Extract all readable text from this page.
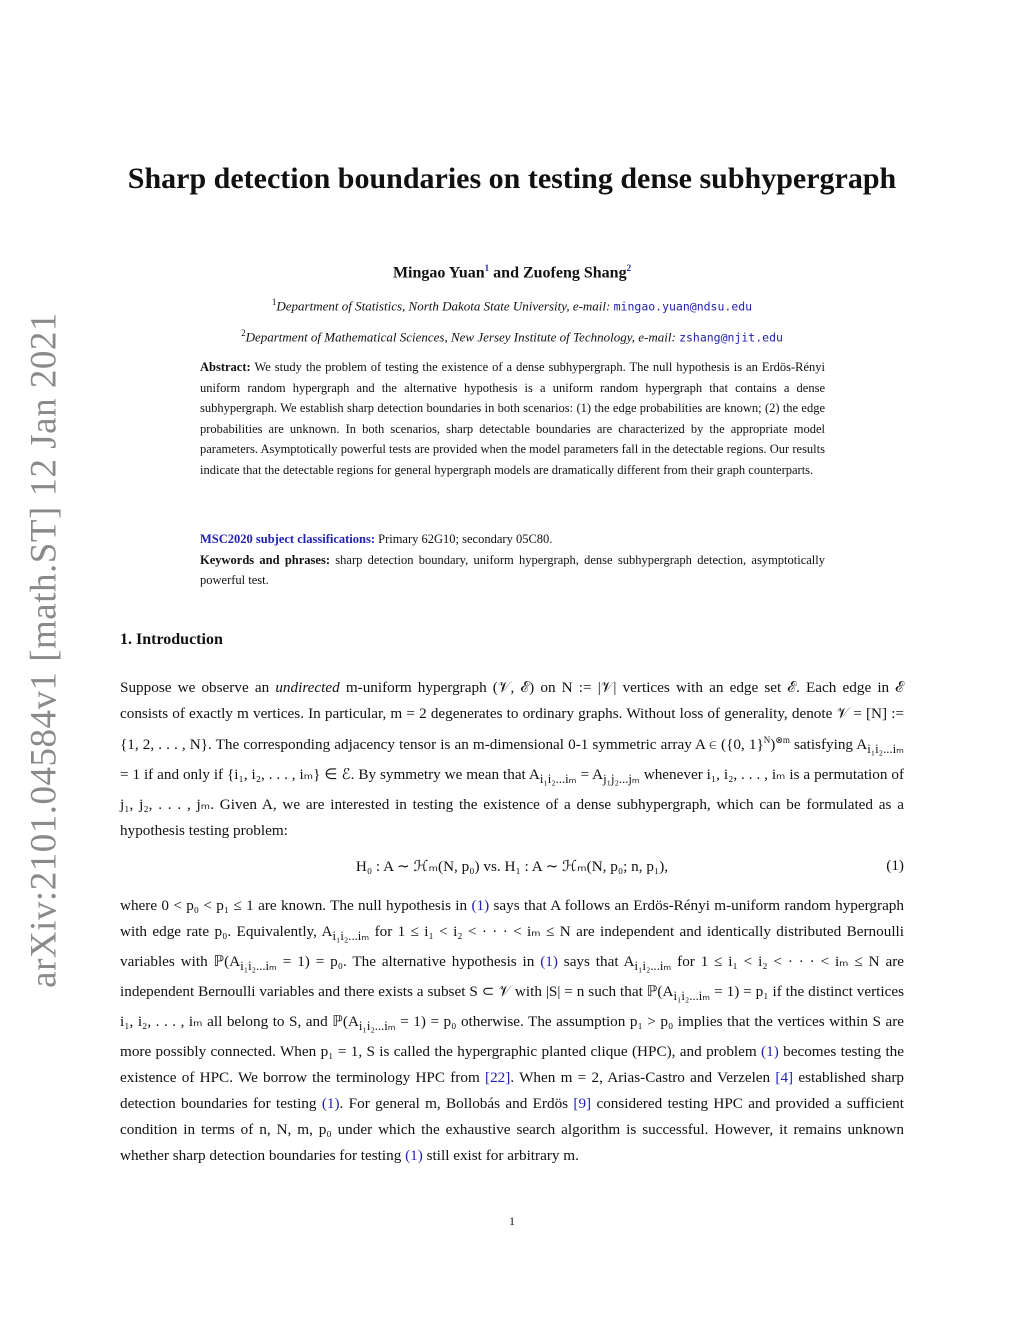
arXiv:2101.04584v1 [math.ST] 12 Jan 2021
Sharp detection boundaries on testing dense subhypergraph
Mingao Yuan$^1$ and Zuofeng Shang$^2$
$^1$Department of Statistics, North Dakota State University, e-mail: mingao.yuan@ndsu.edu
$^2$Department of Mathematical Sciences, New Jersey Institute of Technology, e-mail: zshang@njit.edu
Abstract: We study the problem of testing the existence of a dense subhypergraph. The null hypothesis is an Erdös-Rényi uniform random hypergraph and the alternative hypothesis is a uniform random hypergraph that contains a dense subhypergraph. We establish sharp detection boundaries in both scenarios: (1) the edge probabilities are known; (2) the edge probabilities are unknown. In both scenarios, sharp detectable boundaries are characterized by the appropriate model parameters. Asymptotically powerful tests are provided when the model parameters fall in the detectable regions. Our results indicate that the detectable regions for general hypergraph models are dramatically different from their graph counterparts.
MSC2020 subject classifications: Primary 62G10; secondary 05C80.
Keywords and phrases: sharp detection boundary, uniform hypergraph, dense subhypergraph detection, asymptotically powerful test.
1. Introduction
Suppose we observe an undirected m-uniform hypergraph (𝒱, ℰ) on N := |𝒱| vertices with an edge set ℰ. Each edge in ℰ consists of exactly m vertices. In particular, m = 2 degenerates to ordinary graphs. Without loss of generality, denote 𝒱 = [N] := {1, 2, . . . , N}. The corresponding adjacency tensor is an m-dimensional 0-1 symmetric array A ∈ ({0, 1}$^N$)$^{\otimes m}$ satisfying $A_{i_1i_2...i_m} = 1$ if and only if {i₁, i₂, . . . , iₘ} ∈ ℰ. By symmetry we mean that $A_{i_1i_2...i_m} = A_{j_1j_2...j_m}$ whenever i₁, i₂, . . . , iₘ is a permutation of j₁, j₂, . . . , jₘ. Given A, we are interested in testing the existence of a dense subhypergraph, which can be formulated as a hypothesis testing problem:
H₀ : A ∼ ℋₘ(N, p₀) vs. H₁ : A ∼ ℋₘ(N, p₀; n, p₁),	(1)
where 0 < p₀ < p₁ ≤ 1 are known. The null hypothesis in (1) says that A follows an Erdös-Rényi m-uniform random hypergraph with edge rate p₀. Equivalently, $A_{i_1i_2...i_m}$ for 1 ≤ i₁ < i₂ < · · · < iₘ ≤ N are independent and identically distributed Bernoulli variables with $ℙ(A_{i_1i_2...i_m} = 1) = p_0$. The alternative hypothesis in (1) says that $A_{i_1i_2...i_m}$ for 1 ≤ i₁ < i₂ < · · · < iₘ ≤ N are independent Bernoulli variables and there exists a subset S ⊂ 𝒱 with |S| = n such that $ℙ(A_{i_1i_2...i_m} = 1) = p_1$ if the distinct vertices i₁, i₂, . . . , iₘ all belong to S, and $ℙ(A_{i_1i_2...i_m} = 1) = p_0$ otherwise. The assumption p₁ > p₀ implies that the vertices within S are more possibly connected. When p₁ = 1, S is called the hypergraphic planted clique (HPC), and problem (1) becomes testing the existence of HPC. We borrow the terminology HPC from [22]. When m = 2, Arias-Castro and Verzelen [4] established sharp detection boundaries for testing (1). For general m, Bollobás and Erdös [9] considered testing HPC and provided a sufficient condition in terms of n, N, m, p₀ under which the exhaustive search algorithm is successful. However, it remains unknown whether sharp detection boundaries for testing (1) still exist for arbitrary m.
1
